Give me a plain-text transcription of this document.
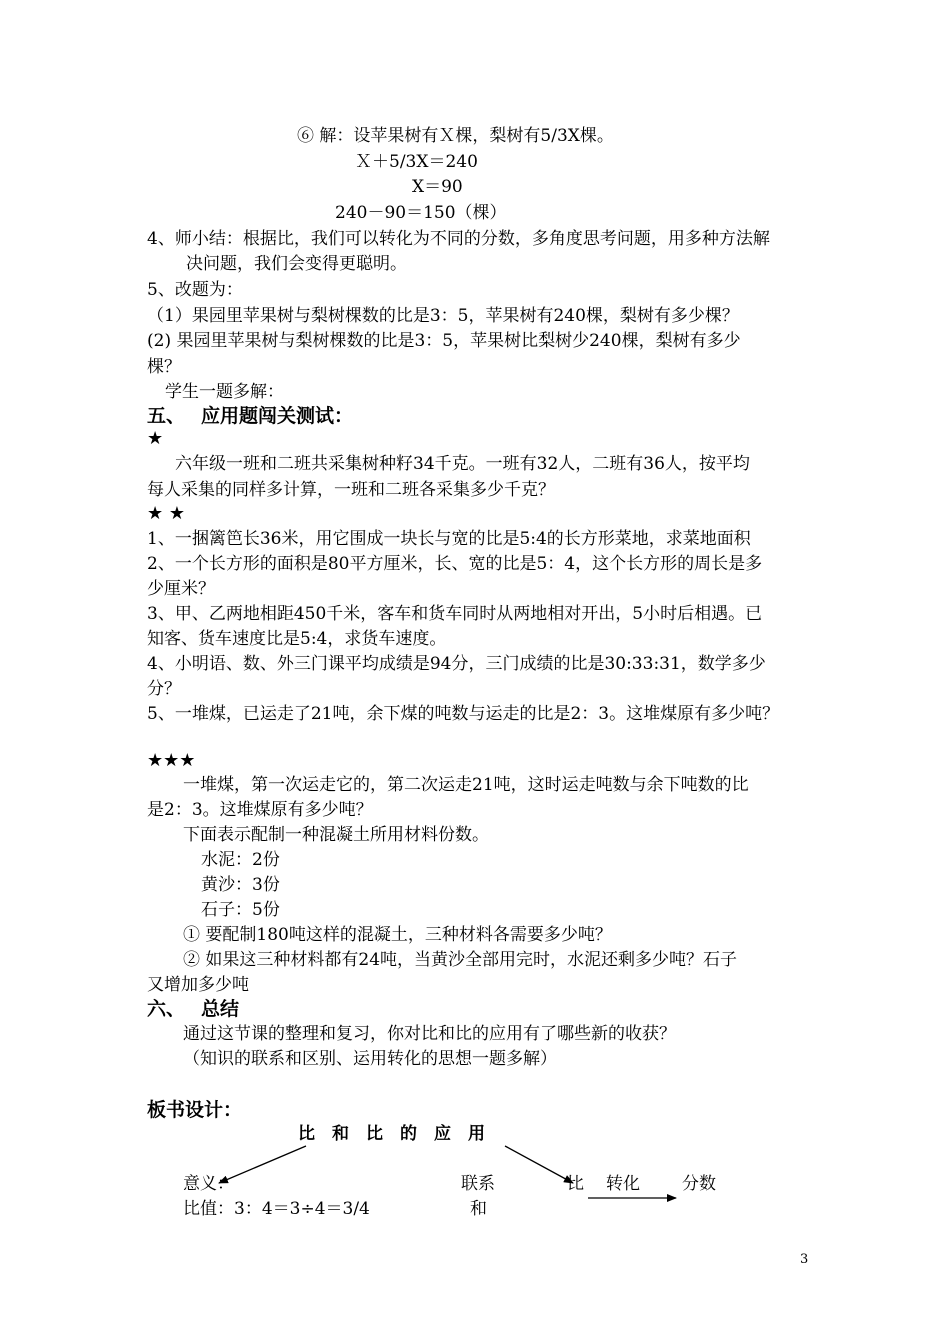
⑥ 解：设苹果树有Ｘ棵，梨树有5/3X棵。
Ｘ＋5/3X＝240
X＝90
240－90＝150（棵）
4、师小结：根据比，我们可以转化为不同的分数，多角度思考问题，用多种方法解
决问题，我们会变得更聪明。
5、改题为：
（1）果园里苹果树与梨树棵数的比是3：5，苹果树有240棵，梨树有多少棵？
(2) 果园里苹果树与梨树棵数的比是3：5，苹果树比梨树少240棵，梨树有多少
棵？
学生一题多解：
五、 应用题闯关测试：
★
六年级一班和二班共采集树种籽34千克。一班有32人，二班有36人，按平均
每人采集的同样多计算，一班和二班各采集多少千克？
★ ★
1、一捆篱笆长36米，用它围成一块长与宽的比是5:4的长方形菜地，求菜地面积
2、一个长方形的面积是80平方厘米，长、宽的比是5：4，这个长方形的周长是多
少厘米？
3、甲、乙两地相距450千米，客车和货车同时从两地相对开出，5小时后相遇。已
知客、货车速度比是5:4，求货车速度。
4、小明语、数、外三门课平均成绩是94分，三门成绩的比是30:33:31，数学多少
分？
5、一堆煤，已运走了21吨，余下煤的吨数与运走的比是2：3。这堆煤原有多少吨？
★★★
一堆煤，第一次运走它的，第二次运走21吨，这时运走吨数与余下吨数的比
是2：3。这堆煤原有多少吨？
下面表示配制一种混凝土所用材料份数。
水泥：2份
黄沙：3份
石子：5份
① 要配制180吨这样的混凝土，三种材料各需要多少吨？
② 如果这三种材料都有24吨，当黄沙全部用完时，水泥还剩多少吨？石子
又增加多少吨
六、 总结
通过这节课的整理和复习，你对比和比的应用有了哪些新的收获？
（知识的联系和区别、运用转化的思想一题多解）
板书设计：
比　和　比　的　应　用
意义：
比值：3：4＝3÷4＝3/4
联系
和
比 转化 分数
3
